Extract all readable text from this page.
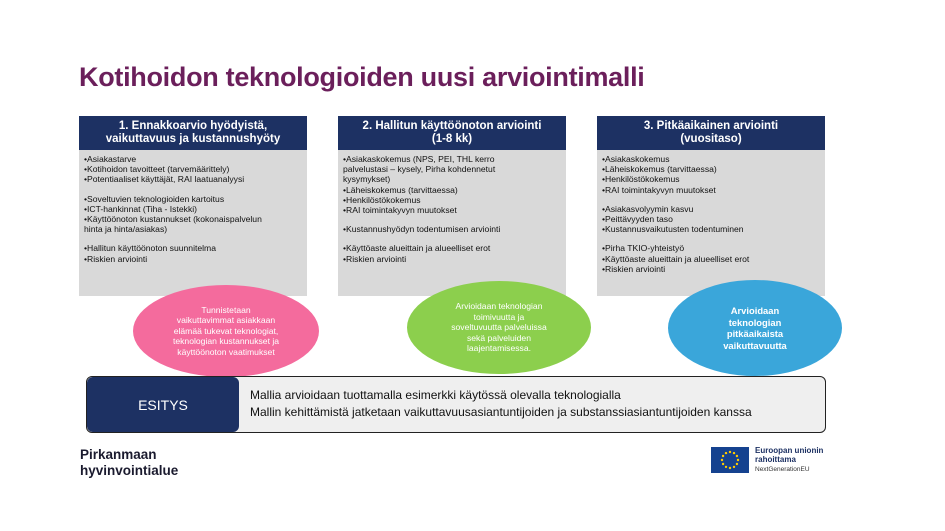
Kotihoidon teknologioiden uusi arviointimalli
1. Ennakkoarvio hyödyistä,
vaikuttavuus ja kustannushyöty
•Asiakastarve
•Kotihoidon tavoitteet (tarvemäärittely)
•Potentiaaliset käyttäjät, RAI laatuanalyysi
•Soveltuvien teknologioiden kartoitus
•ICT-hankinnat (Tiha - Istekki)
•Käyttöönoton kustannukset (kokonaispalvelun
hinta ja hinta/asiakas)
•Hallitun käyttöönoton suunnitelma
•Riskien arviointi
2. Hallitun käyttöönoton arviointi
(1-8 kk)
•Asiakaskokemus (NPS, PEI, THL kerro
palvelustasi – kysely, Pirha kohdennetut
kysymykset)
•Läheiskokemus (tarvittaessa)
•Henkilöstökokemus
•RAI toimintakyvyn muutokset
•Kustannushyödyn todentumisen arviointi
•Käyttöaste alueittain ja alueelliset erot
•Riskien arviointi
3. Pitkäaikainen arviointi
(vuositaso)
•Asiakaskokemus
•Läheiskokemus (tarvittaessa)
•Henkilöstökokemus
•RAI toimintakyvyn muutokset
•Asiakasvolyymin kasvu
•Peittävyyden taso
•Kustannusvaikutusten todentuminen
•Pirha TKIO-yhteistyö
•Käyttöaste alueittain ja alueelliset erot
•Riskien arviointi
Tunnistetaan
vaikuttavimmat asiakkaan
elämää tukevat teknologiat,
teknologian kustannukset ja
käyttöönoton vaatimukset
Arvioidaan teknologian
toimivuutta ja
soveltuvuutta palveluissa
sekä palveluiden
laajentamisessa.
Arvioidaan
teknologian
pitkäaikaista
vaikuttavuutta
ESITYS
Mallia arvioidaan tuottamalla esimerkki käytössä olevalla teknologialla
Mallin kehittämistä jatketaan vaikuttavuusasiantuntijoiden ja substanssiasiantuntijoiden kanssa
Pirkanmaan
hyvinvointialue
Euroopan unionin
rahoittama
NextGenerationEU
